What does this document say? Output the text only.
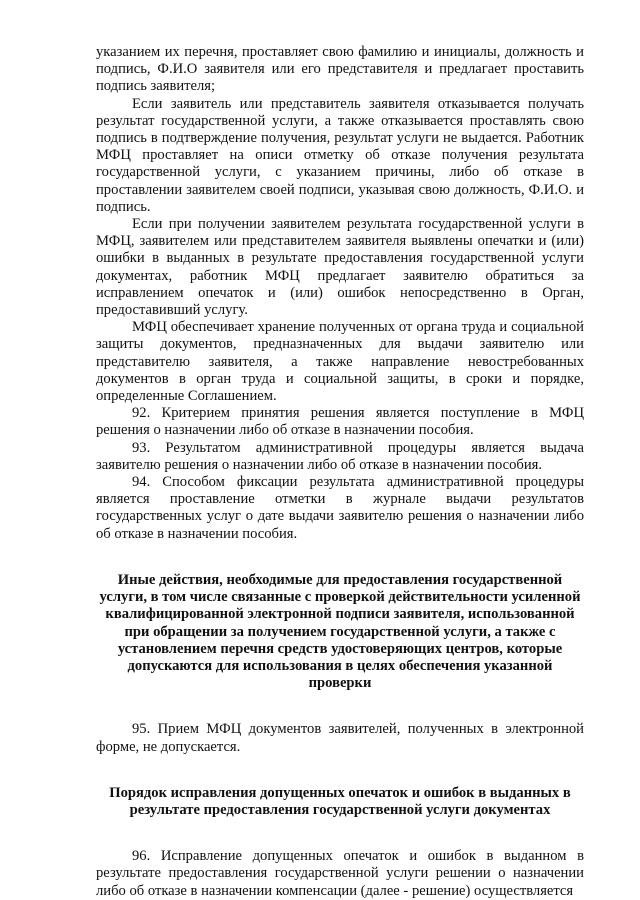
указанием их перечня, проставляет свою фамилию и инициалы, должность и подпись, Ф.И.О заявителя или его представителя и предлагает проставить подпись заявителя;

Если заявитель или представитель заявителя отказывается получать результат государственной услуги, а также отказывается проставлять свою подпись в подтверждение получения, результат услуги не выдается. Работник МФЦ проставляет на описи отметку об отказе получения результата государственной услуги, с указанием причины, либо об отказе в проставлении заявителем своей подписи, указывая свою должность, Ф.И.О. и подпись.

Если при получении заявителем результата государственной услуги в МФЦ, заявителем или представителем заявителя выявлены опечатки и (или) ошибки в выданных в результате предоставления государственной услуги документах, работник МФЦ предлагает заявителю обратиться за исправлением опечаток и (или) ошибок непосредственно в Орган, предоставивший услугу.

МФЦ обеспечивает хранение полученных от органа труда и социальной защиты документов, предназначенных для выдачи заявителю или представителю заявителя, а также направление невостребованных документов в орган труда и социальной защиты, в сроки и порядке, определенные Соглашением.

92. Критерием принятия решения является поступление в МФЦ решения о назначении либо об отказе в назначении пособия.

93. Результатом административной процедуры является выдача заявителю решения о назначении либо об отказе в назначении пособия.

94. Способом фиксации результата административной процедуры является проставление отметки в журнале выдачи результатов государственных услуг о дате выдачи заявителю решения о назначении либо об отказе в назначении пособия.

Иные действия, необходимые для предоставления государственной услуги, в том числе связанные с проверкой действительности усиленной квалифицированной электронной подписи заявителя, использованной при обращении за получением государственной услуги, а также с установлением перечня средств удостоверяющих центров, которые допускаются для использования в целях обеспечения указанной проверки

95. Прием МФЦ документов заявителей, полученных в электронной форме, не допускается.

Порядок исправления допущенных опечаток и ошибок в выданных в результате предоставления государственной услуги документах

96. Исправление допущенных опечаток и ошибок в выданном в результате предоставления государственной услуги решении о назначении либо об отказе в назначении компенсации (далее - решение) осуществляется
